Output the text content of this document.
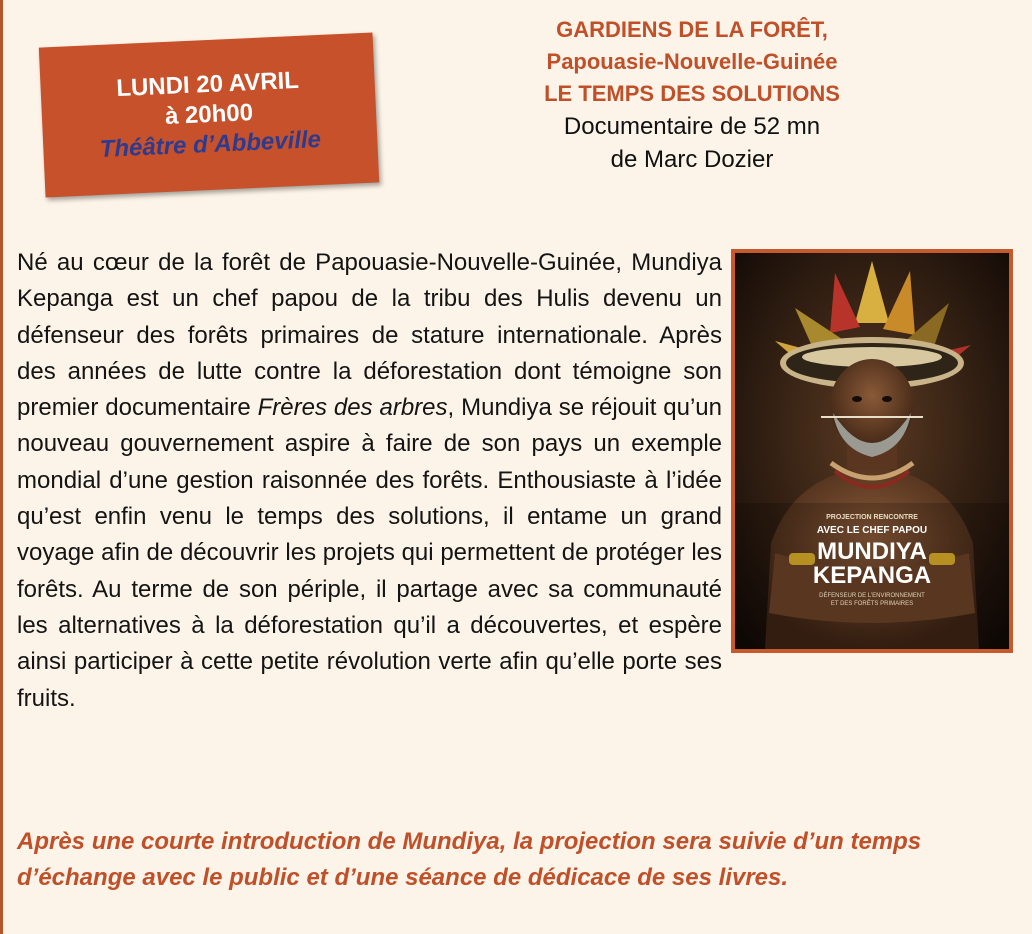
LUNDI 20 AVRIL
à 20h00
Théâtre d’Abbeville
GARDIENS DE LA FORÊT,
Papouasie-Nouvelle-Guinée
LE TEMPS DES SOLUTIONS
Documentaire de 52 mn
de Marc Dozier
PROJECTION RENCONTRE
AVEC LE CHEF PAPOU
MUNDIYA
KEPANGA
DÉFENSEUR DE L’ENVIRONNEMENT
ET DES FORÊTS PRIMAIRES
Né au cœur de la forêt de Papouasie-Nouvelle-Guinée, Mundiya Kepanga est un chef papou de la tribu des Hulis devenu un défenseur des forêts primaires de stature internationale. Après des années de lutte contre la déforestation dont témoigne son premier documentaire Frères des arbres, Mundiya se réjouit qu’un nouveau gouvernement aspire à faire de son pays un exemple mondial d’une gestion raisonnée des forêts. Enthousiaste à l’idée qu’est enfin venu le temps des solutions, il entame un grand voyage afin de découvrir les projets qui permettent de protéger les forêts. Au terme de son périple, il partage avec sa communauté les alternatives à la déforestation qu’il a découvertes, et espère ainsi participer à cette petite révolution verte afin qu’elle porte ses fruits.
Après une courte introduction de Mundiya, la projection sera suivie d’un temps d’échange avec le public et d’une séance de dédicace de ses livres.
